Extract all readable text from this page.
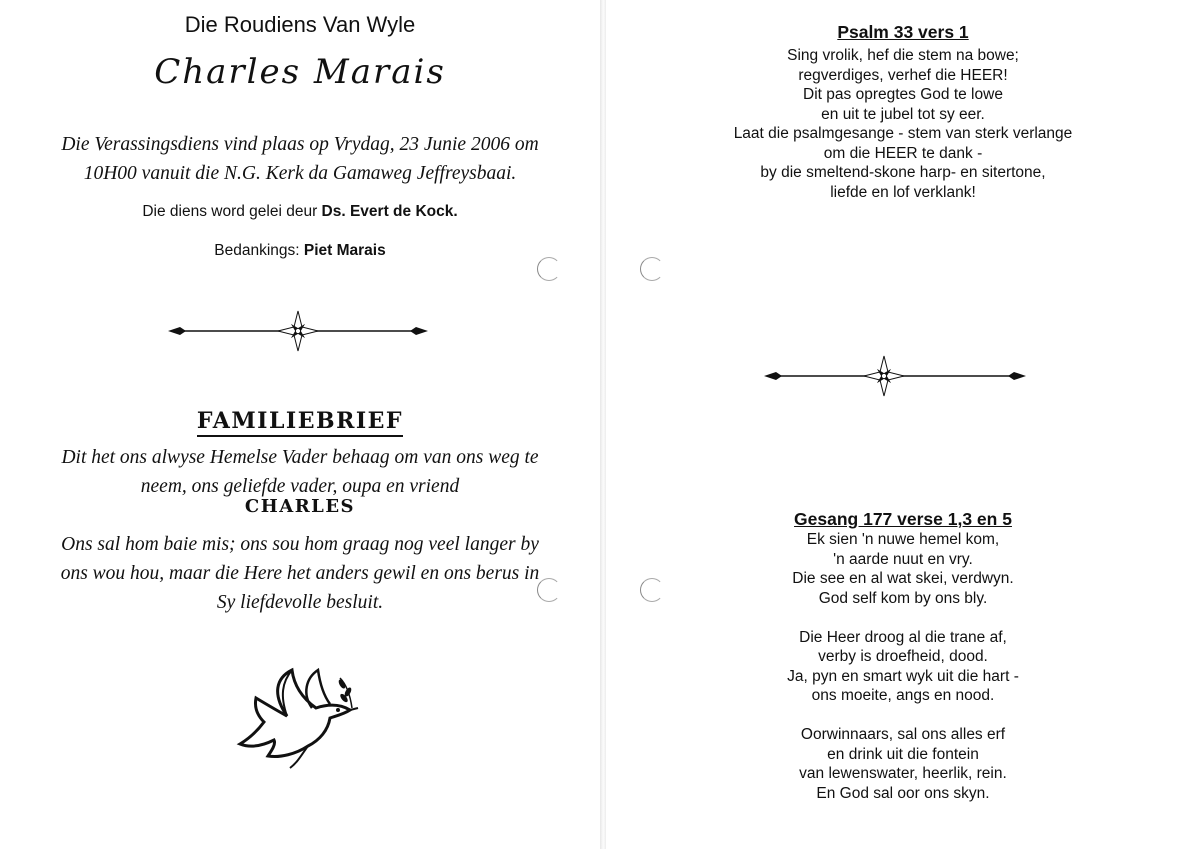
Die Roudiens Van Wyle
Charles Marais
Die Verassingsdiens vind plaas op Vrydag, 23 Junie 2006 om 10H00 vanuit die N.G. Kerk da Gamaweg Jeffreysbaai.
Die diens word gelei deur Ds. Evert de Kock.
Bedankings: Piet Marais
FAMILIEBRIEF
Dit het ons alwyse Hemelse Vader behaag om van ons weg te neem, ons geliefde vader, oupa en vriend
CHARLES
Ons sal hom baie mis; ons sou hom graag nog veel langer by ons wou hou, maar die Here het anders gewil en ons berus in Sy liefdevolle besluit.
Psalm 33 vers 1
Sing vrolik, hef die stem na bowe;
regverdiges, verhef die HEER!
Dit pas opregtes God te lowe
en uit te jubel tot sy eer.
Laat die psalmgesange - stem van sterk verlange
om die HEER te dank -
by die smeltend-skone harp- en sitertone,
liefde en lof verklank!
Gesang 177 verse 1,3 en 5
Ek sien 'n nuwe hemel kom,
'n aarde nuut en vry.
Die see en al wat skei, verdwyn.
God self kom by ons bly.
Die Heer droog al die trane af,
verby is droefheid, dood.
Ja, pyn en smart wyk uit die hart -
ons moeite, angs en nood.
Oorwinnaars, sal ons alles erf
en drink uit die fontein
van lewenswater, heerlik, rein.
En God sal oor ons skyn.
